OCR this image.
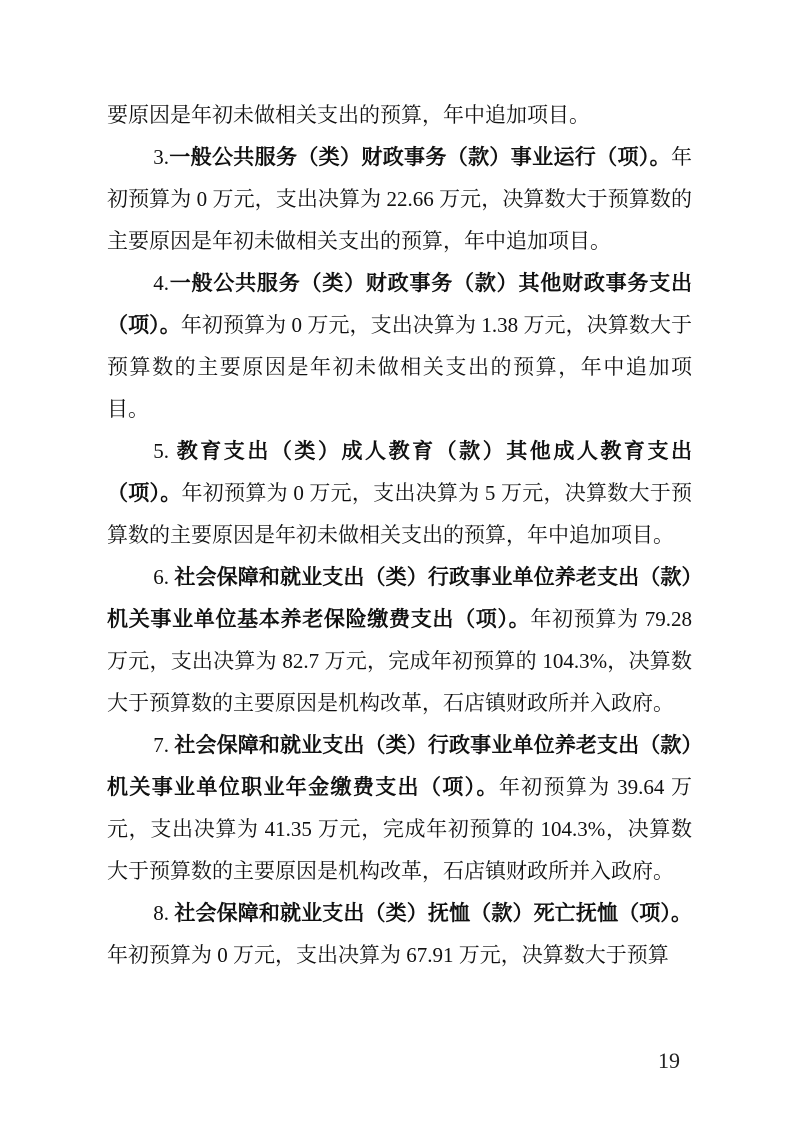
要原因是年初未做相关支出的预算，年中追加项目。

3.一般公共服务（类）财政事务（款）事业运行（项）。年初预算为 0 万元，支出决算为 22.66 万元，决算数大于预算数的主要原因是年初未做相关支出的预算，年中追加项目。

4.一般公共服务（类）财政事务（款）其他财政事务支出（项）。年初预算为 0 万元，支出决算为 1.38 万元，决算数大于预算数的主要原因是年初未做相关支出的预算，年中追加项目。

5. 教育支出（类）成人教育（款）其他成人教育支出（项）。年初预算为 0 万元，支出决算为 5 万元，决算数大于预算数的主要原因是年初未做相关支出的预算，年中追加项目。

6. 社会保障和就业支出（类）行政事业单位养老支出（款）机关事业单位基本养老保险缴费支出（项）。年初预算为 79.28 万元，支出决算为 82.7 万元，完成年初预算的 104.3%，决算数大于预算数的主要原因是机构改革，石店镇财政所并入政府。

7. 社会保障和就业支出（类）行政事业单位养老支出（款）机关事业单位职业年金缴费支出（项）。年初预算为 39.64 万元，支出决算为 41.35 万元，完成年初预算的 104.3%，决算数大于预算数的主要原因是机构改革，石店镇财政所并入政府。

8. 社会保障和就业支出（类）抚恤（款）死亡抚恤（项）。年初预算为 0 万元，支出决算为 67.91 万元，决算数大于预算

19
